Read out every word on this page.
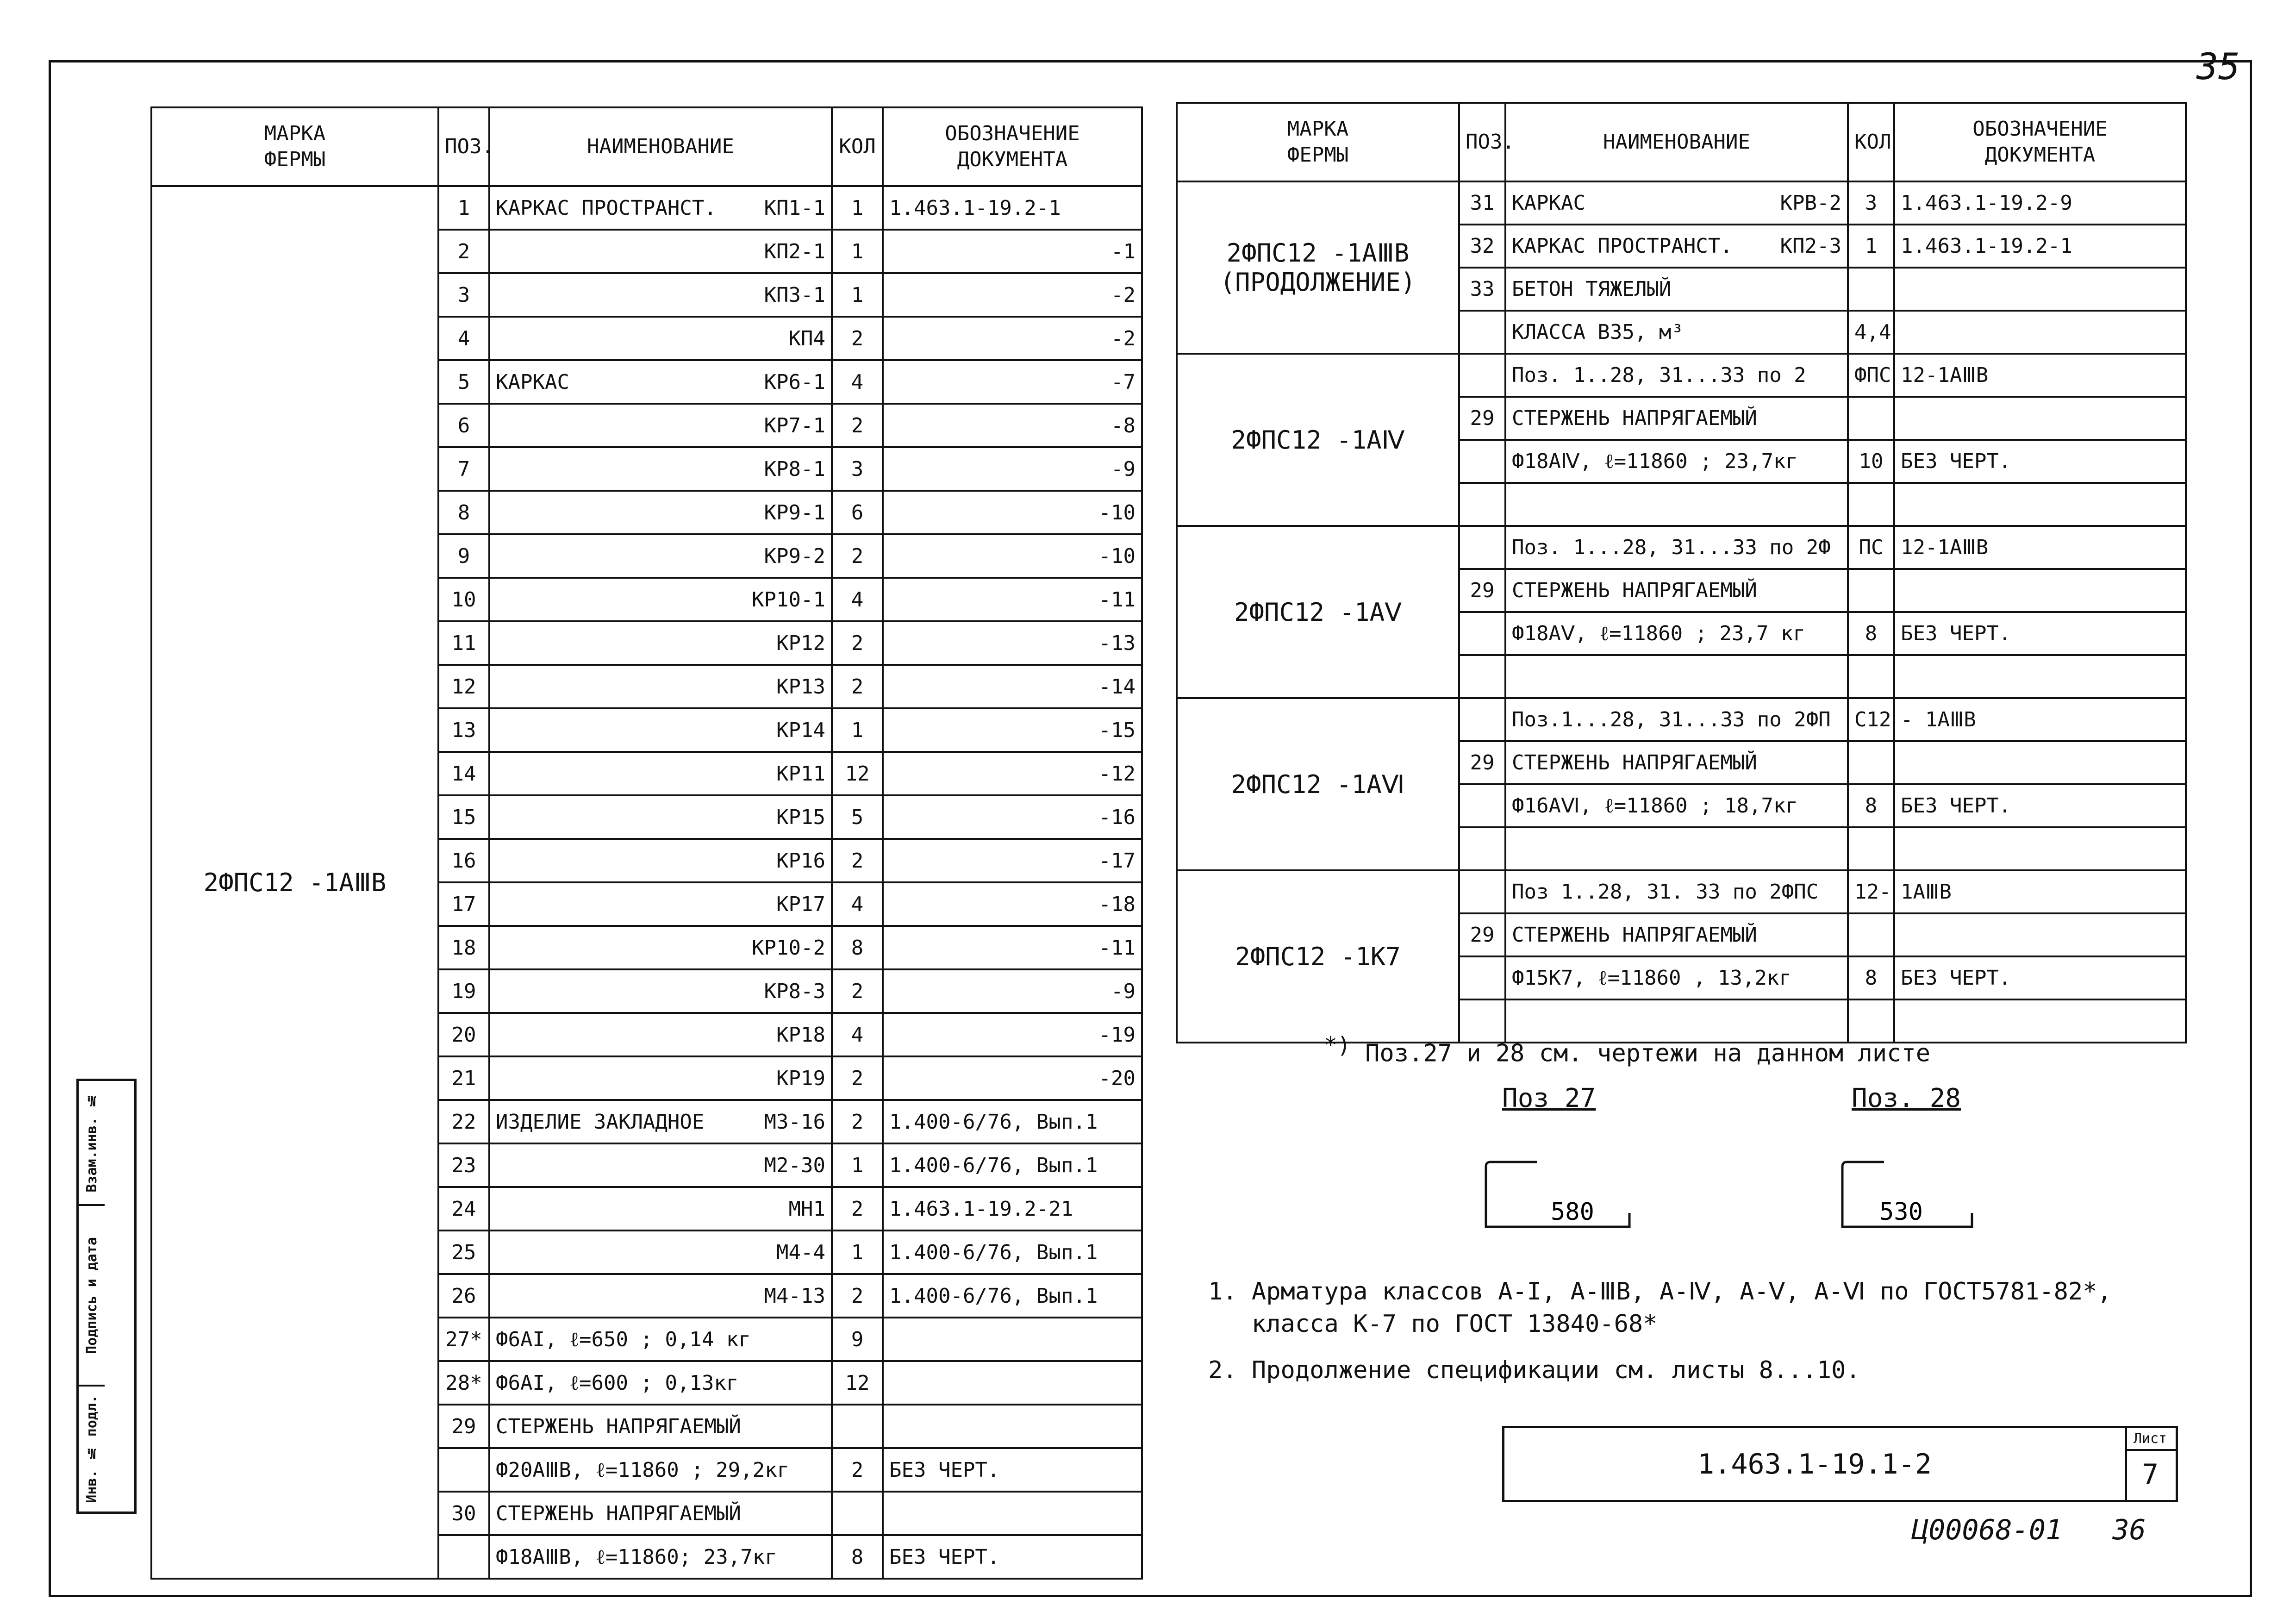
35
Взам.инв. №
Подпись и дата
Инв. № подл.
МАРКА
ФЕРМЫ	ПОЗ.	НАИМЕНОВАНИЕ	КОЛ	ОБОЗНАЧЕНИЕ
ДОКУМЕНТА
2ФПС12 -1АⅢВ	1	КАРКАС ПРОСТРАНСТ. КП1-1	1	1.463.1-19.2-1
	2	КП2-1	1	-1
	3	КП3-1	1	-2
	4	КП4	2	-2
	5	КАРКАС КР6-1	4	-7
	6	КР7-1	2	-8
	7	КР8-1	3	-9
	8	КР9-1	6	-10
	9	КР9-2	2	-10
	10	КР10-1	4	-11
	11	КР12	2	-13
	12	КР13	2	-14
	13	КР14	1	-15
	14	КР11	12	-12
	15	КР15	5	-16
	16	КР16	2	-17
	17	КР17	4	-18
	18	КР10-2	8	-11
	19	КР8-3	2	-9
	20	КР18	4	-19
	21	КР19	2	-20
	22	ИЗДЕЛИЕ ЗАКЛАДНОЕ М3-16	2	1.400-6/76, Вып.1
	23	М2-30	1	1.400-6/76, Вып.1
	24	МН1	2	1.463.1-19.2-21
	25	М4-4	1	1.400-6/76, Вып.1
	26	М4-13	2	1.400-6/76, Вып.1
	27*	Ф6АI, ℓ=650 ; 0,14 кг	9	
	28*	Ф6АI, ℓ=600 ; 0,13кг	12	
	29	СТЕРЖЕНЬ НАПРЯГАЕМЫЙ		

		Ф20АⅢВ, ℓ=11860 ; 29,2кг	2	БЕЗ ЧЕРТ.
	30	СТЕРЖЕНЬ НАПРЯГАЕМЫЙ		

		Ф18АⅢВ, ℓ=11860; 23,7кг	8	БЕЗ ЧЕРТ.
МАРКА
ФЕРМЫ	ПОЗ.	НАИМЕНОВАНИЕ	КОЛ	ОБОЗНАЧЕНИЕ
ДОКУМЕНТА
2ФПС12 -1АⅢВ
(ПРОДОЛЖЕНИЕ)	31	КАРКАС КРВ-2	3	1.463.1-19.2-9
	32	КАРКАС ПРОСТРАНСТ. КП2-3	1	1.463.1-19.2-1
	33	БЕТОН ТЯЖЕЛЫЙ		

		КЛАССА В35, м³	4,4	
2ФПС12 -1АⅣ		Поз. 1..28, 31...33 по 2	ФПС	12-1АⅢВ
	29	СТЕРЖЕНЬ НАПРЯГАЕМЫЙ		

		Ф18АⅣ, ℓ=11860 ; 23,7кг	10	БЕЗ ЧЕРТ.

2ФПС12 -1АⅤ		Поз. 1...28, 31...33 по 2Ф	ПС	12-1АⅢВ
	29	СТЕРЖЕНЬ НАПРЯГАЕМЫЙ		

		Ф18АⅤ, ℓ=11860 ; 23,7 кг	8	БЕЗ ЧЕРТ.

2ФПС12 -1АⅥ		Поз.1...28, 31...33 по 2ФП	С12	- 1АⅢВ
	29	СТЕРЖЕНЬ НАПРЯГАЕМЫЙ		

		Ф16АⅥ, ℓ=11860 ; 18,7кг	8	БЕЗ ЧЕРТ.

2ФПС12 -1К7		Поз 1..28, 31. 33 по 2ФПС	12-	1АⅢВ
	29	СТЕРЖЕНЬ НАПРЯГАЕМЫЙ		

		Ф15К7, ℓ=11860 , 13,2кг	8	БЕЗ ЧЕРТ.

*) Поз.27 и 28 см. чертежи на данном листе
Поз 27	Поз. 28
580	530
1. Арматура классов А-I, А-ⅢВ, А-Ⅳ, А-Ⅴ, А-Ⅵ по ГОСТ5781-82*,
класса К-7 по ГОСТ 13840-68*
2. Продолжение спецификации см. листы 8...10.
1.463.1-19.1-2
Лист
7
Ц00068-01   36
